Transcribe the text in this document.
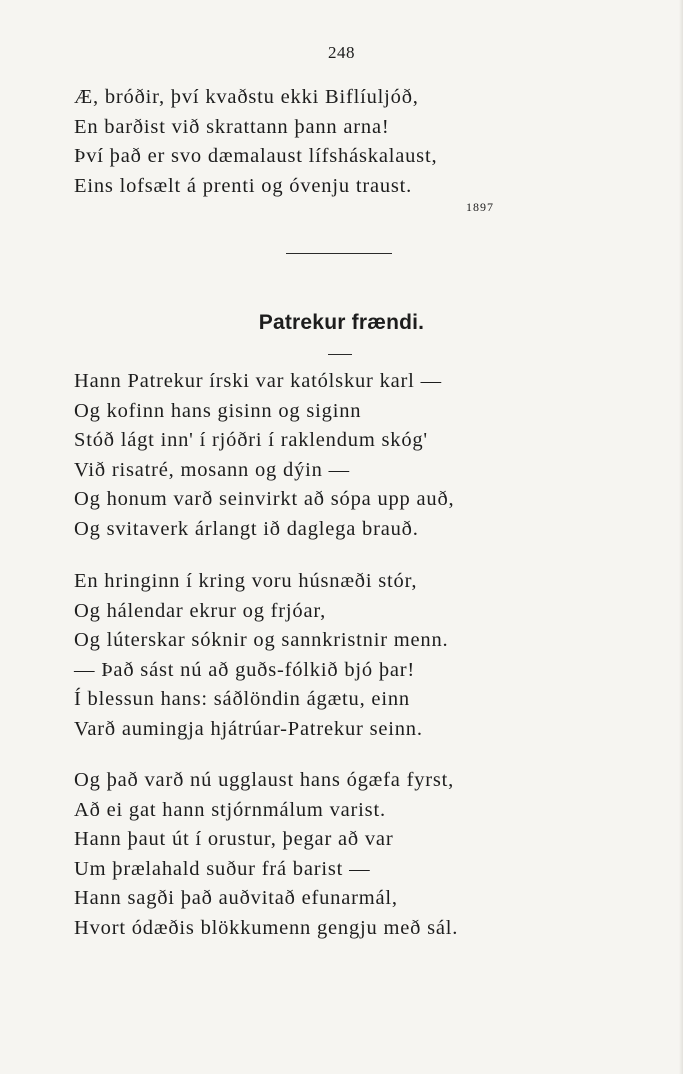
248
Æ, bróðir, því kvaðstu ekki Biflíuljóð,
En barðist við skrattann þann arna!
Því það er svo dæmalaust lífsháskalaust,
Eins lofsælt á prenti og óvenju traust.
1897
Patrekur frændi.
Hann Patrekur írski var katólskur karl —
Og kofinn hans gisinn og siginn
Stóð lágt inn' í rjóðri í raklendum skóg'
Við risatré, mosann og dýin —
Og honum varð seinvirkt að sópa upp auð,
Og svitaverk árlangt ið daglega brauð.
En hringinn í kring voru húsnæði stór,
Og hálendar ekrur og frjóar,
Og lúterskar sóknir og sannkristnir menn.
— Það sást nú að guðs-fólkið bjó þar!
Í blessun hans: sáðlöndin ágætu, einn
Varð aumingja hjátrúar-Patrekur seinn.
Og það varð nú ugglaust hans ógæfa fyrst,
Að ei gat hann stjórnmálum varist.
Hann þaut út í orustur, þegar að var
Um þrælahald suður frá barist —
Hann sagði það auðvitað efunarmál,
Hvort ódæðis blökkumenn gengju með sál.
